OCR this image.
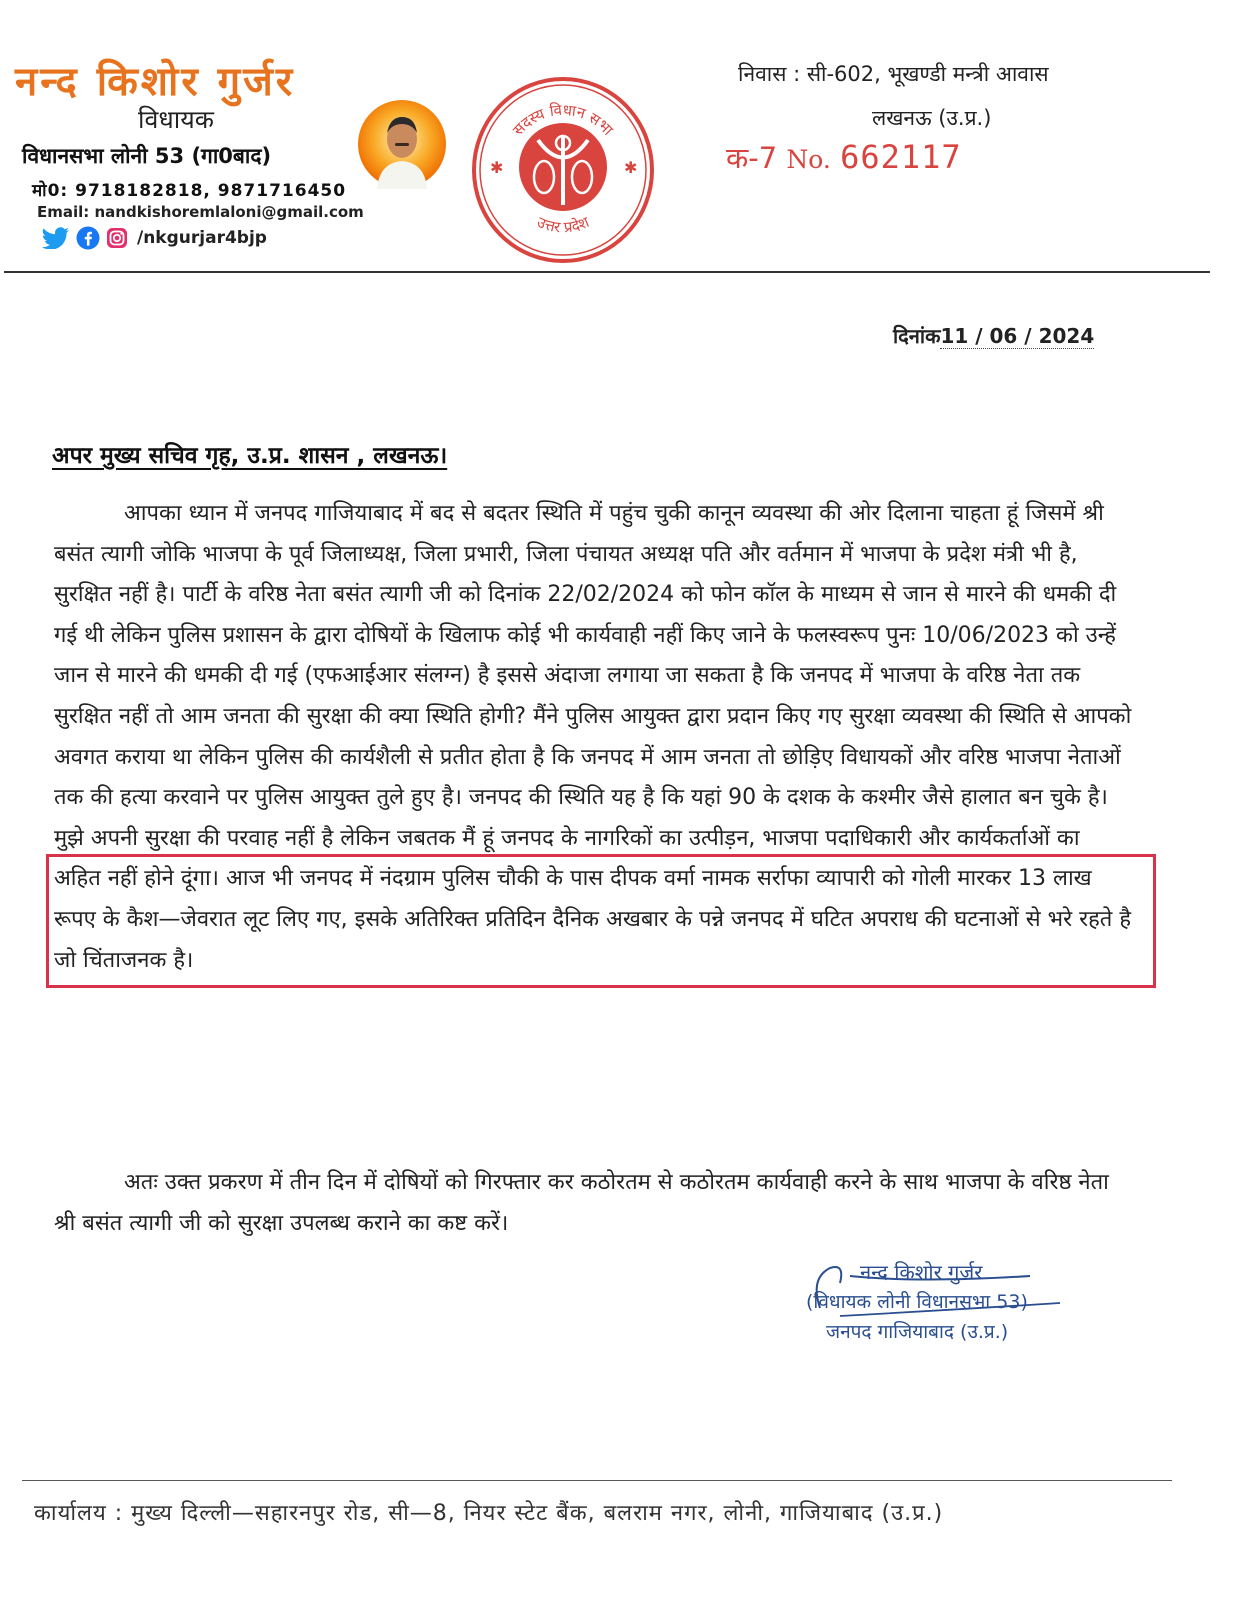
नन्द किशोर गुर्जर
विधायक
विधानसभा लोनी 53 (गा0बाद)
मो0: 9718182818, 9871716450
Email: nandkishoremlaloni@gmail.com
/nkgurjar4bjp
सदस्य विधान सभा
उत्तर प्रदेश
✱	✱
निवास : सी-602, भूखण्डी मन्त्री आवास
लखनऊ (उ.प्र.)
क-7 No. 662117
दिनांक11 / 06 / 2024
अपर मुख्य सचिव गृह, उ.प्र. शासन , लखनऊ।
आपका ध्यान में जनपद गाजियाबाद में बद से बदतर स्थिति में पहुंच चुकी कानून व्यवस्था की ओर दिलाना चाहता हूं जिसमें श्री बसंत त्यागी जोकि भाजपा के पूर्व जिलाध्यक्ष, जिला प्रभारी, जिला पंचायत अध्यक्ष पति और वर्तमान में भाजपा के प्रदेश मंत्री भी है, सुरक्षित नहीं है। पार्टी के वरिष्ठ नेता बसंत त्यागी जी को दिनांक 22/02/2024 को फोन कॉल के माध्यम से जान से मारने की धमकी दी गई थी लेकिन पुलिस प्रशासन के द्वारा दोषियों के खिलाफ कोई भी कार्यवाही नहीं किए जाने के फलस्वरूप पुनः 10/06/2023 को उन्हें जान से मारने की धमकी दी गई (एफआईआर संलग्न) है इससे अंदाजा लगाया जा सकता है कि जनपद में भाजपा के वरिष्ठ नेता तक सुरक्षित नहीं तो आम जनता की सुरक्षा की क्या स्थिति होगी? मैंने पुलिस आयुक्त द्वारा प्रदान किए गए सुरक्षा व्यवस्था की स्थिति से आपको अवगत कराया था लेकिन पुलिस की कार्यशैली से प्रतीत होता है कि जनपद में आम जनता तो छोड़िए विधायकों और वरिष्ठ भाजपा नेताओं तक की हत्या करवाने पर पुलिस आयुक्त तुले हुए है। जनपद की स्थिति यह है कि यहां 90 के दशक के कश्मीर जैसे हालात बन चुके है। मुझे अपनी सुरक्षा की परवाह नहीं है लेकिन जबतक मैं हूं जनपद के नागरिकों का उत्पीड़न, भाजपा पदाधिकारी और कार्यकर्ताओं का अहित नहीं होने दूंगा। आज भी जनपद में नंदग्राम पुलिस चौकी के पास दीपक वर्मा नामक सर्राफा व्यापारी को गोली मारकर 13 लाख रूपए के कैश—जेवरात लूट लिए गए, इसके अतिरिक्त प्रतिदिन दैनिक अखबार के पन्ने जनपद में घटित अपराध की घटनाओं से भरे रहते है जो चिंताजनक है।
अतः उक्त प्रकरण में तीन दिन में दोषियों को गिरफ्तार कर कठोरतम से कठोरतम कार्यवाही करने के साथ भाजपा के वरिष्ठ नेता श्री बसंत त्यागी जी को सुरक्षा उपलब्ध कराने का कष्ट करें।
नन्द किशोर गुर्जर
(विधायक लोनी विधानसभा 53)
जनपद गाजियाबाद (उ.प्र.)
कार्यालय : मुख्य दिल्ली—सहारनपुर रोड, सी—8, नियर स्टेट बैंक, बलराम नगर, लोनी, गाजियाबाद (उ.प्र.)
